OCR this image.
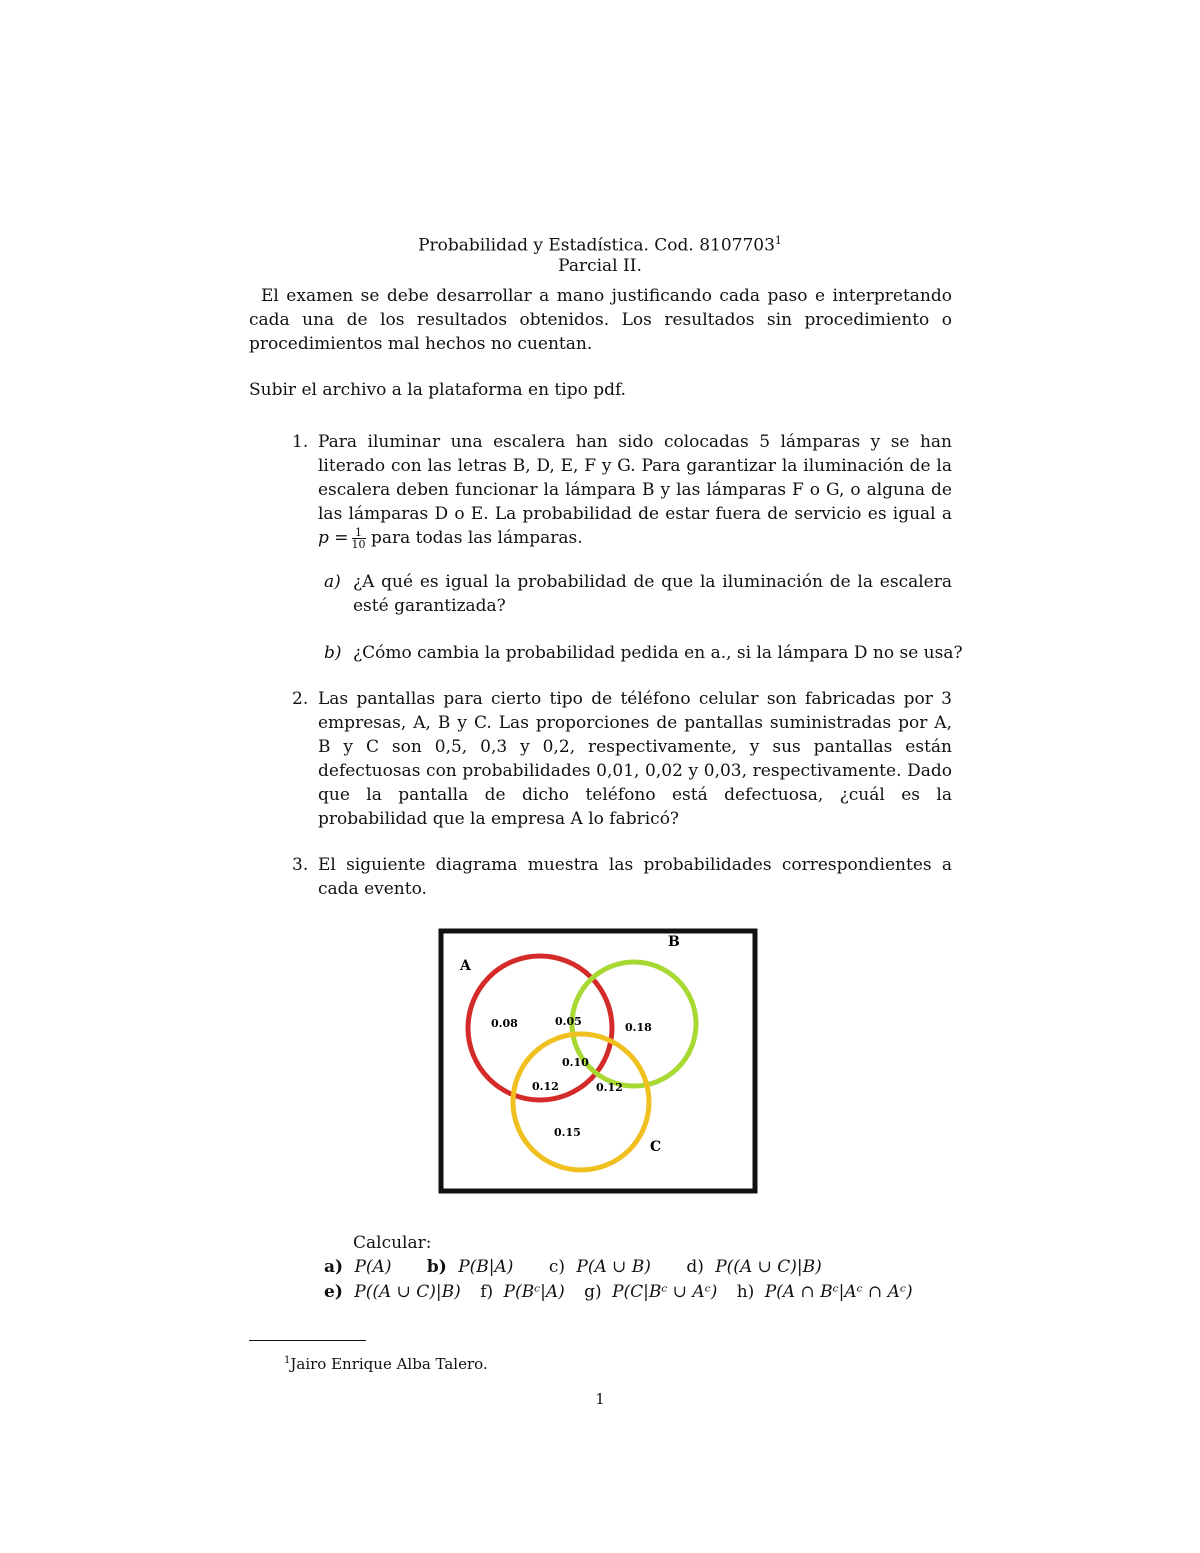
Probabilidad y Estadística. Cod. 8107703$^1$
Parcial II.
El examen se debe desarrollar a mano justificando cada paso e interpretando cada una de los resultados obtenidos. Los resultados sin procedimiento o procedimientos mal hechos no cuentan.
Subir el archivo a la plataforma en tipo pdf.
1. Para iluminar una escalera han sido colocadas 5 lámparas y se han literado con las letras B, D, E, F y G. Para garantizar la iluminación de la escalera deben funcionar la lámpara B y las lámparas F o G, o alguna de las lámparas D o E. La probabilidad de estar fuera de servicio es igual a $p = \frac{1}{10}$ para todas las lámparas.
a) ¿A qué es igual la probabilidad de que la iluminación de la escalera esté garantizada?
b) ¿Cómo cambia la probabilidad pedida en a., si la lámpara D no se usa?
2. Las pantallas para cierto tipo de téléfono celular son fabricadas por 3 empresas, A, B y C. Las proporciones de pantallas suministradas por A, B y C son 0,5, 0,3 y 0,2, respectivamente, y sus pantallas están defectuosas con probabilidades 0,01, 0,02 y 0,03, respectivamente. Dado que la pantalla de dicho teléfono está defectuosa, ¿cuál es la probabilidad que la empresa A lo fabricó?
3. El siguiente diagrama muestra las probabilidades correspondientes a cada evento.
A
B
C
0.08	0.05	0.18
0.10
0.12	0.12
0.15
Calcular:
a) P(A) b) P(B|A) c) P(A ∪ B) d) P((A ∪ C)|B)
e) P((A ∪ C)|B) f) P(Bᶜ|A) g) P(C|Bᶜ ∪ Aᶜ) h) P(A ∩ Bᶜ|Aᶜ ∩ Aᶜ)
$^1$Jairo Enrique Alba Talero.
1
